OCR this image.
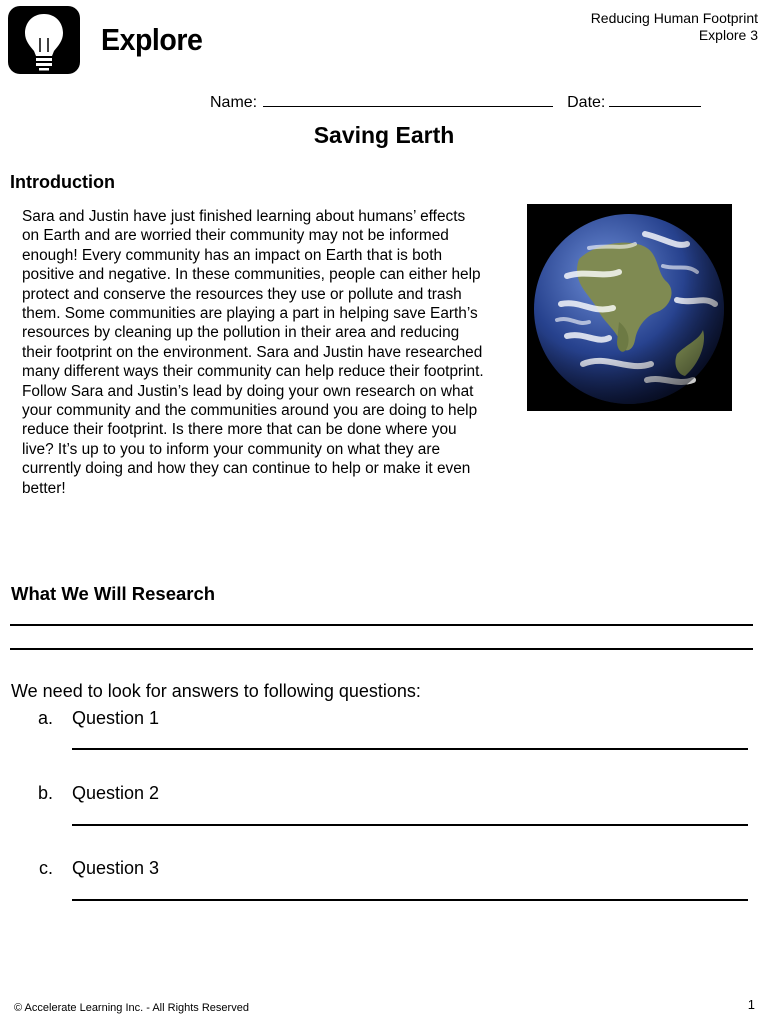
Explore
Reducing Human Footprint
Explore 3
Name:	Date:
Saving Earth
Introduction

Sara and Justin have just finished learning about humans’ effects on Earth and are worried their community may not be informed enough! Every community has an impact on Earth that is both positive and negative. In these communities, people can either help protect and conserve the resources they use or pollute and trash them. Some communities are playing a part in helping save Earth’s resources by cleaning up the pollution in their area and reducing their footprint on the environment. Sara and Justin have researched many different ways their community can help reduce their footprint. Follow Sara and Justin’s lead by doing your own research on what your community and the communities around you are doing to help reduce their footprint. Is there more that can be done where you live? It’s up to you to inform your community on what they are currently doing and how they can continue to help or make it even better!

What We Will Research
We need to look for answers to following questions:
a. Question 1
b. Question 2
c. Question 3
© Accelerate Learning Inc. - All Rights Reserved	1
